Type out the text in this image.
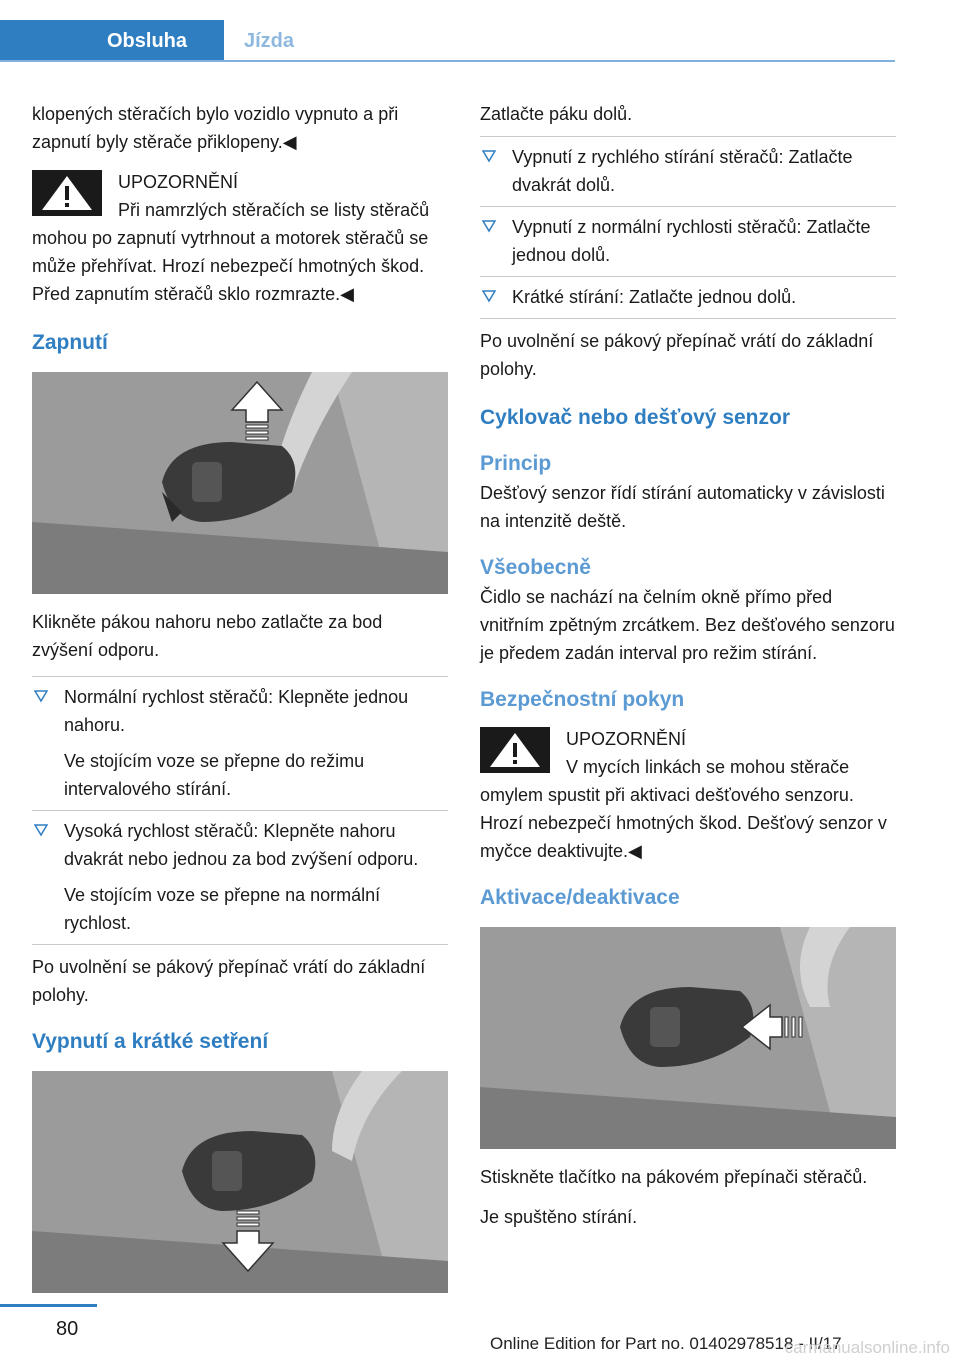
Obsluha	Jízda

klopených stěračích bylo vozidlo vypnuto a při zapnutí byly stěrače přiklopeny.◀

UPOZORNĚNÍ
Při namrzlých stěračích se listy stěračů mohou po zapnutí vytrhnout a motorek stěračů se může přehřívat. Hrozí nebezpečí hmotných škod. Před zapnutím stěračů sklo rozmrazte.◀
Zapnutí

Klikněte pákou nahoru nebo zatlačte za bod zvýšení odporu.

Normální rychlost stěračů: Klepněte jednou nahoru.
Ve stojícím voze se přepne do režimu intervalového stírání.
Vysoká rychlost stěračů: Klepněte nahoru dvakrát nebo jednou za bod zvýšení odporu.
Ve stojícím voze se přepne na normální rychlost.

Po uvolnění se pákový přepínač vrátí do základní polohy.

Vypnutí a krátké setření

Zatlačte páku dolů.

Vypnutí z rychlého stírání stěračů: Zatlačte dvakrát dolů.
Vypnutí z normální rychlosti stěračů: Zatlačte jednou dolů.
Krátké stírání: Zatlačte jednou dolů.

Po uvolnění se pákový přepínač vrátí do základní polohy.

Cyklovač nebo dešťový senzor
Princip

Dešťový senzor řídí stírání automaticky v závislosti na intenzitě deště.

Všeobecně

Čidlo se nachází na čelním okně přímo před vnitřním zpětným zrcátkem. Bez dešťového senzoru je předem zadán interval pro režim stírání.

Bezpečnostní pokyn
UPOZORNĚNÍ
V mycích linkách se mohou stěrače omylem spustit při aktivaci dešťového senzoru. Hrozí nebezpečí hmotných škod. Dešťový senzor v myčce deaktivujte.◀
Aktivace/deaktivace

Stiskněte tlačítko na pákovém přepínači stěračů.

Je spuštěno stírání.

80
Online Edition for Part no. 01402978518 - II/17
carmanualsonline.info
